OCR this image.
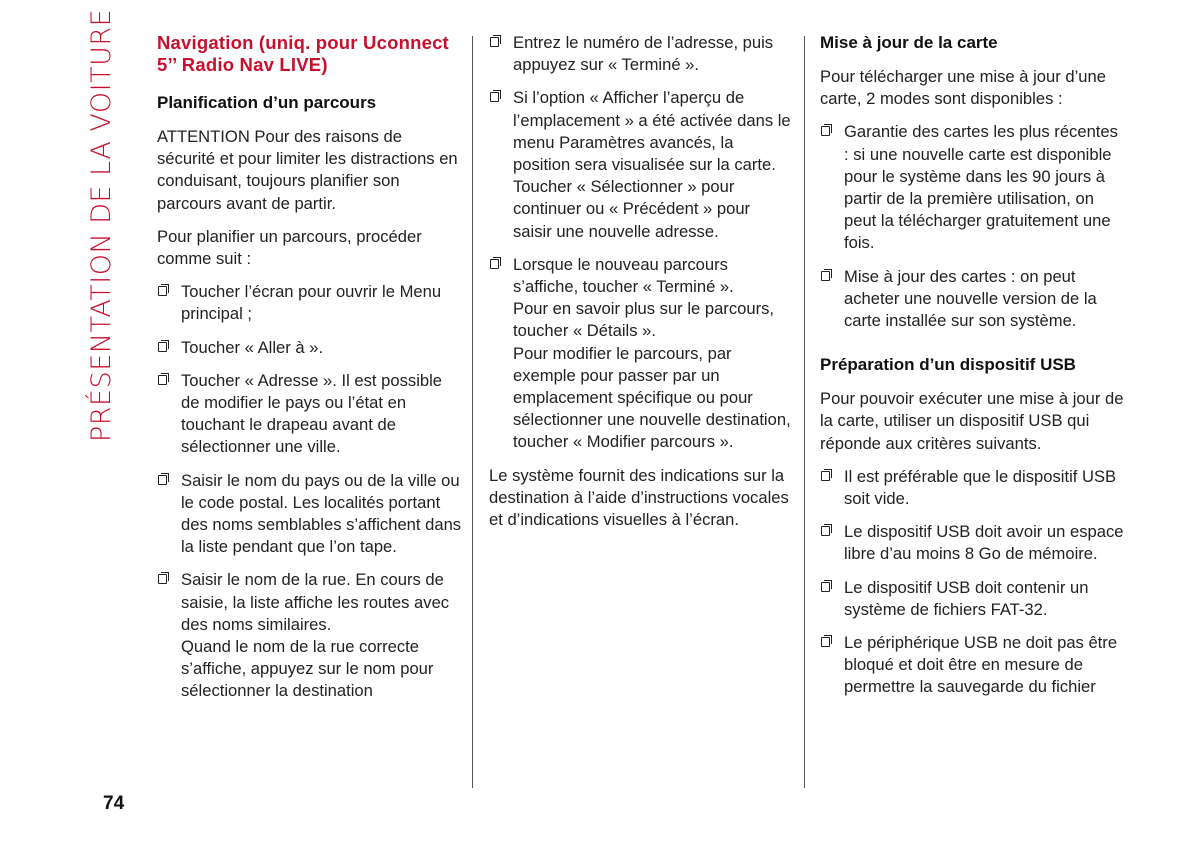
PRÉSENTATION DE LA VOITURE	Navigation (uniq. pour Uconnect 5’’ Radio Nav LIVE)
Planification d’un parcours

ATTENTION Pour des raisons de sécurité et pour limiter les distractions en conduisant, toujours planifier son parcours avant de partir.

Pour planifier un parcours, procéder comme suit :

Toucher l’écran pour ouvrir le Menu principal ;
Toucher « Aller à ».
Toucher « Adresse ». Il est possible de modifier le pays ou l’état en touchant le drapeau avant de sélectionner une ville.
Saisir le nom du pays ou de la ville ou le code postal. Les localités portant des noms semblables s’affichent dans la liste pendant que l’on tape.
Saisir le nom de la rue. En cours de saisie, la liste affiche les routes avec des noms similaires.
Quand le nom de la rue correcte s’affiche, appuyez sur le nom pour sélectionner la destination
Entrez le numéro de l’adresse, puis appuyez sur « Terminé ».
Si l’option « Afficher l’aperçu de l’emplacement » a été activée dans le menu Paramètres avancés, la position sera visualisée sur la carte. Toucher « Sélectionner » pour continuer ou « Précédent » pour saisir une nouvelle adresse.
Lorsque le nouveau parcours s’affiche, toucher « Terminé ».
Pour en savoir plus sur le parcours, toucher « Détails ».
Pour modifier le parcours, par exemple pour passer par un emplacement spécifique ou pour sélectionner une nouvelle destination, toucher « Modifier parcours ».

Le système fournit des indications sur la destination à l’aide d’instructions vocales et d’indications visuelles à l’écran.

Mise à jour de la carte

Pour télécharger une mise à jour d’une carte, 2 modes sont disponibles :

Garantie des cartes les plus récentes : si une nouvelle carte est disponible pour le système dans les 90 jours à partir de la première utilisation, on peut la télécharger gratuitement une fois.
Mise à jour des cartes : on peut acheter une nouvelle version de la carte installée sur son système.
Préparation d’un dispositif USB

Pour pouvoir exécuter une mise à jour de la carte, utiliser un dispositif USB qui réponde aux critères suivants.

Il est préférable que le dispositif USB soit vide.
Le dispositif USB doit avoir un espace libre d’au moins 8 Go de mémoire.
Le dispositif USB doit contenir un système de fichiers FAT-32.
Le périphérique USB ne doit pas être bloqué et doit être en mesure de permettre la sauvegarde du fichier
74
